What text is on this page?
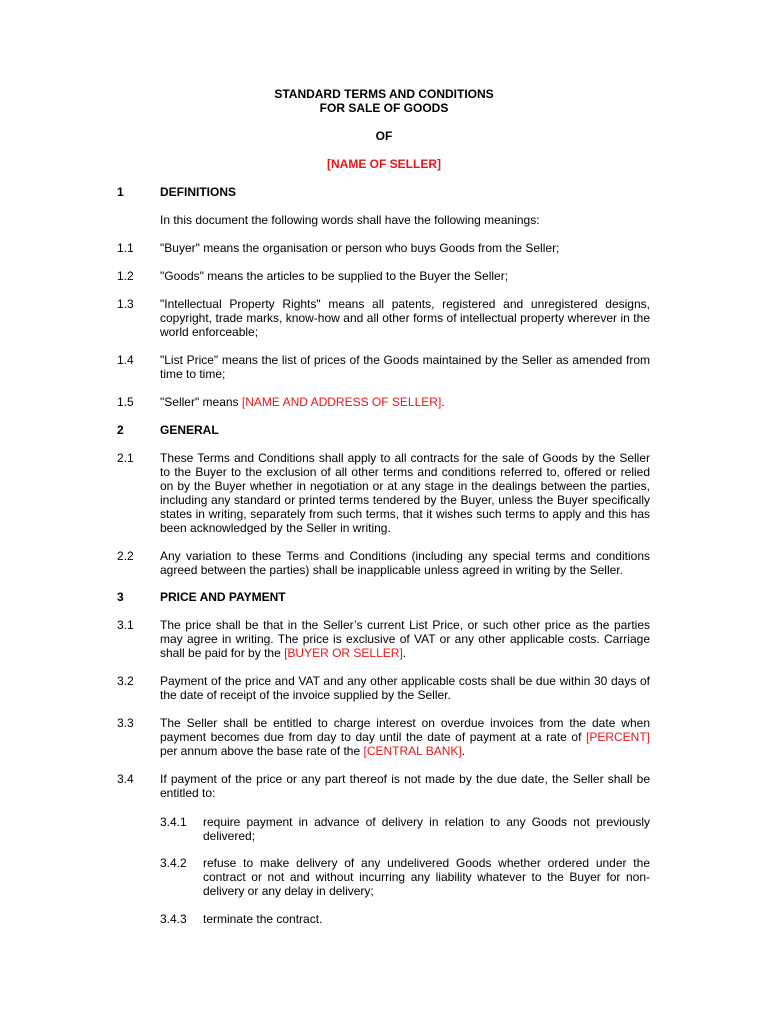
STANDARD TERMS AND CONDITIONS
FOR SALE OF GOODS
OF
[NAME OF SELLER]
1	DEFINITIONS
In this document the following words shall have the following meanings:
1.1 "Buyer" means the organisation or person who buys Goods from the Seller;
1.2 "Goods" means the articles to be supplied to the Buyer the Seller;
1.3 "Intellectual Property Rights" means all patents, registered and unregistered designs, copyright, trade marks, know-how and all other forms of intellectual property wherever in the world enforceable;
1.4 "List Price" means the list of prices of the Goods maintained by the Seller as amended from time to time;
1.5 "Seller" means [NAME AND ADDRESS OF SELLER].
2	GENERAL
2.1 These Terms and Conditions shall apply to all contracts for the sale of Goods by the Seller to the Buyer to the exclusion of all other terms and conditions referred to, offered or relied on by the Buyer whether in negotiation or at any stage in the dealings between the parties, including any standard or printed terms tendered by the Buyer, unless the Buyer specifically states in writing, separately from such terms, that it wishes such terms to apply and this has been acknowledged by the Seller in writing.
2.2 Any variation to these Terms and Conditions (including any special terms and conditions agreed between the parties) shall be inapplicable unless agreed in writing by the Seller.
3	PRICE AND PAYMENT
3.1 The price shall be that in the Seller’s current List Price, or such other price as the parties may agree in writing. The price is exclusive of VAT or any other applicable costs. Carriage shall be paid for by the [BUYER OR SELLER].
3.2 Payment of the price and VAT and any other applicable costs shall be due within 30 days of the date of receipt of the invoice supplied by the Seller.
3.3 The Seller shall be entitled to charge interest on overdue invoices from the date when payment becomes due from day to day until the date of payment at a rate of [PERCENT] per annum above the base rate of the [CENTRAL BANK].
3.4 If payment of the price or any part thereof is not made by the due date, the Seller shall be entitled to:
3.4.1 require payment in advance of delivery in relation to any Goods not previously delivered;
3.4.2 refuse to make delivery of any undelivered Goods whether ordered under the contract or not and without incurring any liability whatever to the Buyer for non-delivery or any delay in delivery;
3.4.3 terminate the contract.
